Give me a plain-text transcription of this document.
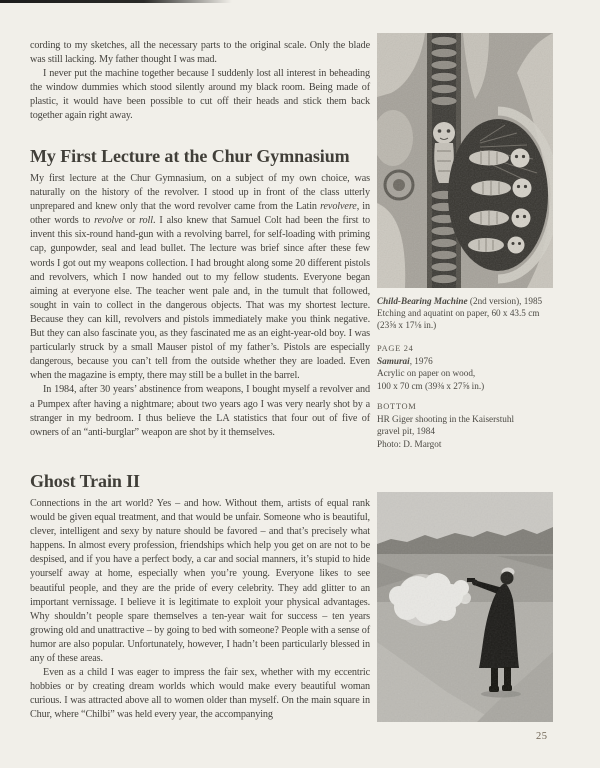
cording to my sketches, all the necessary parts to the original scale. Only the blade was still lacking. My father thought I was mad.

I never put the machine together because I suddenly lost all interest in beheading the window dummies which stood silently around my black room. Being made of plastic, it would have been possible to cut off their heads and stick them back together again right away.

My First Lecture at the Chur Gymnasium

My first lecture at the Chur Gymnasium, on a subject of my own choice, was naturally on the history of the revolver. I stood up in front of the class utterly unprepared and knew only that the word revolver came from the Latin revolvere, in other words to revolve or roll. I also knew that Samuel Colt had been the first to invent this six-round hand-gun with a revolving barrel, for self-loading with priming cap, gunpowder, seal and lead bullet. The lecture was brief since after these few words I got out my weapons collection. I had brought along some 20 different pistols and revolvers, which I now handed out to my fellow students. Everyone began aiming at everyone else. The teacher went pale and, in the tumult that followed, sought in vain to collect in the dangerous objects. That was my shortest lecture. Because they can kill, revolvers and pistols immediately make you think negative. But they can also fascinate you, as they fascinated me as an eight-year-old boy. I was particularly struck by a small Mauser pistol of my father’s. Pistols are especially dangerous, because you can’t tell from the outside whether they are loaded. Even when the magazine is empty, there may still be a bullet in the barrel.

In 1984, after 30 years’ abstinence from weapons, I bought myself a revolver and a Pumpex after having a nightmare; about two years ago I was very nearly shot by a stranger in my bedroom. I thus believe the LA statistics that four out of five of owners of an “anti-burglar” weapon are shot by it themselves.

Ghost Train II

Connections in the art world? Yes – and how. Without them, artists of equal rank would be given equal treatment, and that would be unfair. Someone who is beautiful, clever, intelligent and sexy by nature should be favored – and that’s precisely what happens. In almost every profession, friendships which help you get on are not to be despised, and if you have a perfect body, a car and social manners, it’s stupid to hide yourself away at home, especially when you’re young. Everyone likes to see beautiful people, and they are the pride of every celebrity. They add glitter to an important vernissage. I believe it is legitimate to exploit your physical advantages. Why shouldn’t people spare themselves a ten-year wait for success – ten years growing old and unattractive – by going to bed with someone? People with a sense of humor are also popular. Unfortunately, however, I hadn’t been particularly blessed in any of these areas.

Even as a child I was eager to impress the fair sex, whether with my eccentric hobbies or by creating dream worlds which would make every beautiful woman curious. I was attracted above all to women older than myself. On the main square in Chur, where “Chilbi” was held every year, the accompanying

Child-Bearing Machine (2nd version), 1985
Etching and aquatint on paper, 60 x 43.5 cm
(23⅝ x 17⅛ in.)
PAGE 24
Samurai, 1976
Acrylic on paper on wood,
100 x 70 cm (39⅜ x 27⅝ in.)
BOTTOM
HR Giger shooting in the Kaiserstuhl
gravel pit, 1984
Photo: D. Margot
25
